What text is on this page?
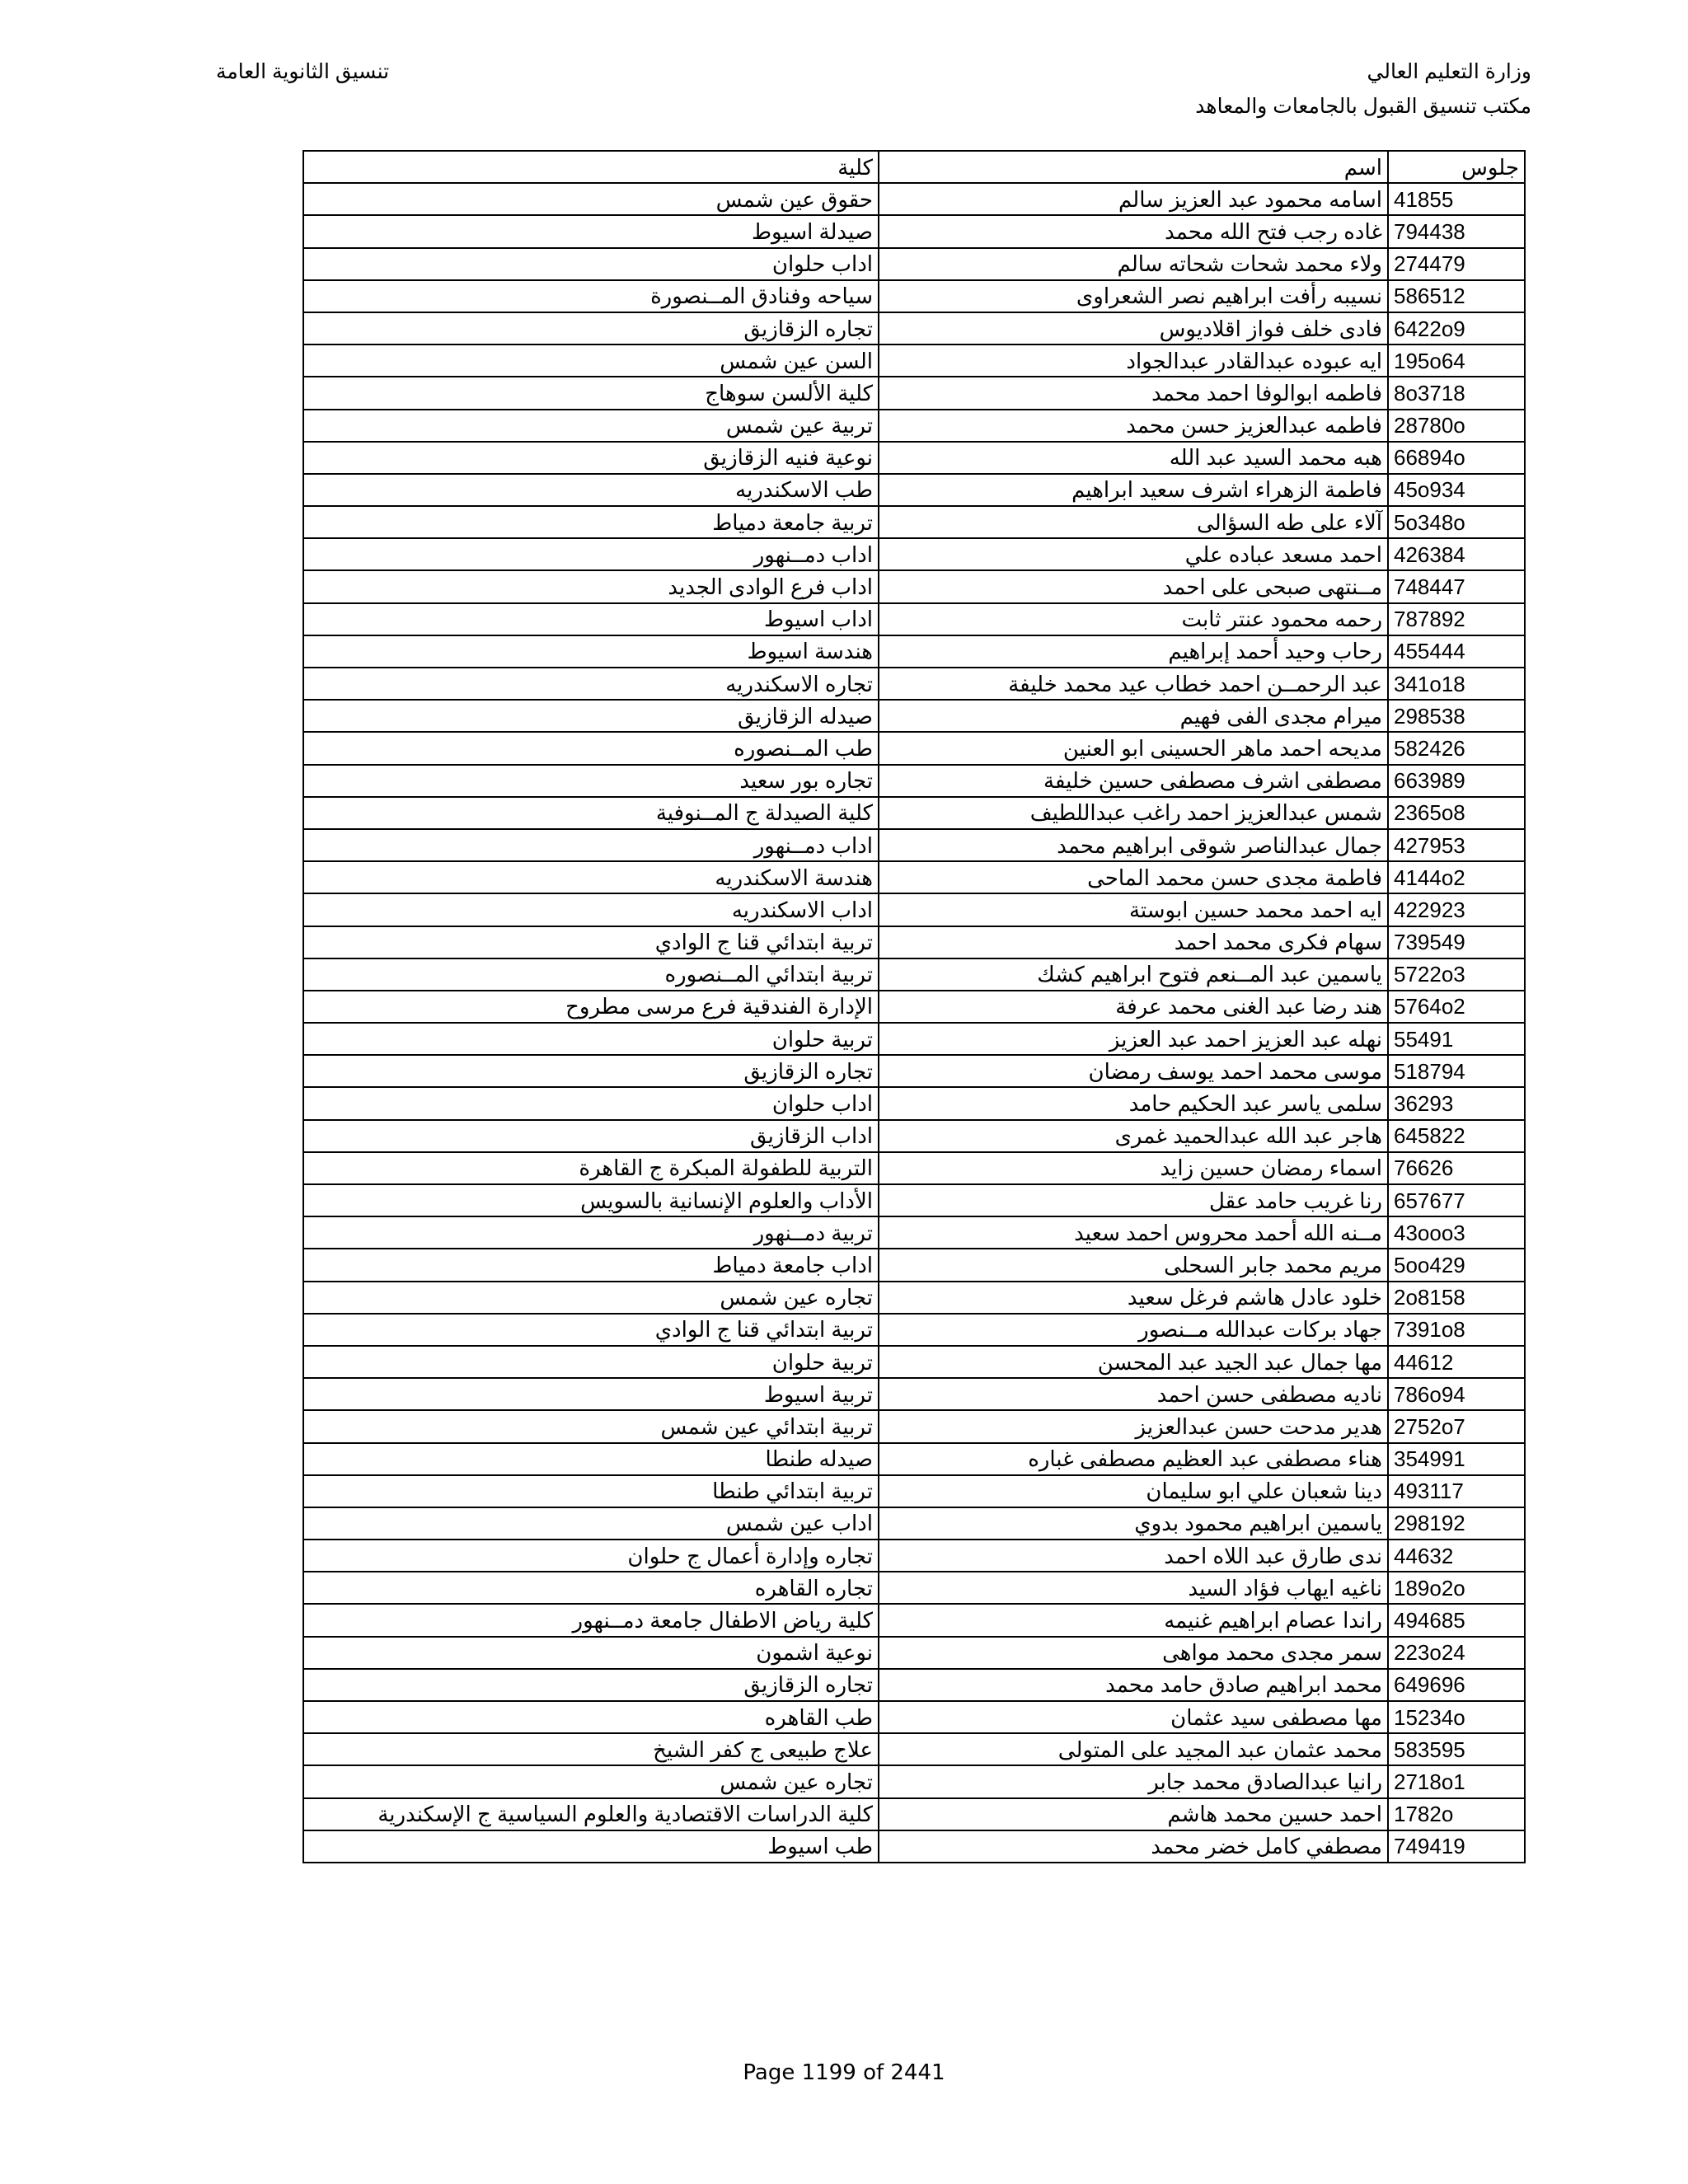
وزارة التعليم العالي
مكتب تنسيق القبول بالجامعات والمعاهد
تنسيق الثانوية العامة
جلوس	اسم	كلية
41855	اسامه محمود عبد العزيز سالم	حقوق عين شمس
794438	غاده رجب فتح الله محمد	صيدلة اسيوط
274479	ولاء محمد شحات شحاته سالم	اداب حلوان
586512	نسيبه رأفت ابراهيم نصر الشعراوى	سياحه وفنادق المــنصورة
6422o9	فادى خلف فواز اقلاديوس	تجاره الزقازيق
195o64	ايه عبوده عبدالقادر عبدالجواد	السن عين شمس
8o3718	فاطمه ابوالوفا احمد محمد	كلية الألسن سوهاج
28780o	فاطمه عبدالعزيز حسن محمد	تربية عين شمس
66894o	هبه محمد السيد عبد الله	نوعية فنيه الزقازيق
45o934	فاطمة الزهراء اشرف سعيد ابراهيم	طب الاسكندريه
5o348o	آلاء على طه السؤالى	تربية جامعة دمياط
426384	احمد مسعد عباده علي	اداب دمــنهور
748447	مــنتهى صبحى على احمد	اداب فرع الوادى الجديد
787892	رحمه محمود عنتر ثابت	اداب اسيوط
455444	رحاب وحيد أحمد إبراهيم	هندسة اسيوط
341o18	عبد الرحمــن احمد خطاب عيد محمد خليفة	تجاره الاسكندريه
298538	ميرام مجدى الفى فهيم	صيدله الزقازيق
582426	مديحه احمد ماهر الحسينى ابو العنين	طب المــنصوره
663989	مصطفى اشرف مصطفى حسين خليفة	تجاره بور سعيد
2365o8	شمس عبدالعزيز احمد راغب عبداللطيف	كلية الصيدلة ج المــنوفية
427953	جمال عبدالناصر شوقى ابراهيم محمد	اداب دمــنهور
4144o2	فاطمة مجدى حسن محمد الماحى	هندسة الاسكندريه
422923	ايه احمد محمد حسين ابوستة	اداب الاسكندريه
739549	سهام فكرى محمد احمد	تربية ابتدائي قنا ج الوادي
5722o3	ياسمين عبد المــنعم فتوح ابراهيم كشك	تربية ابتدائي المــنصوره
5764o2	هند رضا عبد الغنى محمد عرفة	الإدارة الفندقية فرع مرسى مطروح
55491	نهله عبد العزيز احمد عبد العزيز	تربية حلوان
518794	موسى محمد احمد يوسف رمضان	تجاره الزقازيق
36293	سلمى ياسر عبد الحكيم حامد	اداب حلوان
645822	هاجر عبد الله عبدالحميد غمرى	اداب الزقازيق
76626	اسماء رمضان حسين زايد	التربية للطفولة المبكرة ج القاهرة
657677	رنا غريب حامد عقل	الأداب والعلوم الإنسانية بالسويس
43ooo3	مــنه الله أحمد محروس احمد سعيد	تربية دمــنهور
5oo429	مريم محمد جابر السحلى	اداب جامعة دمياط
2o8158	خلود عادل هاشم فرغل سعيد	تجاره عين شمس
7391o8	جهاد بركات عبدالله مــنصور	تربية ابتدائي قنا ج الوادي
44612	مها جمال عبد الجيد عبد المحسن	تربية حلوان
786o94	ناديه مصطفى حسن احمد	تربية اسيوط
2752o7	هدير مدحت حسن عبدالعزيز	تربية ابتدائي عين شمس
354991	هناء مصطفى عبد العظيم مصطفى غباره	صيدله طنطا
493117	دينا شعبان علي ابو سليمان	تربية ابتدائي طنطا
298192	ياسمين ابراهيم محمود بدوي	اداب عين شمس
44632	ندى طارق عبد اللاه احمد	تجاره وإدارة أعمال ج حلوان
189o2o	ناغيه ايهاب فؤاد السيد	تجاره القاهره
494685	راندا عصام ابراهيم غنيمه	كلية رياض الاطفال جامعة دمــنهور
223o24	سمر مجدى محمد مواهى	نوعية اشمون
649696	محمد ابراهيم صادق حامد محمد	تجاره الزقازيق
15234o	مها مصطفى سيد عثمان	طب القاهره
583595	محمد عثمان عبد المجيد على المتولى	علاج طبيعى ج كفر الشيخ
2718o1	رانيا عبدالصادق محمد جابر	تجاره عين شمس
1782o	احمد حسين محمد هاشم	كلية الدراسات الاقتصادية والعلوم السياسية ج الإسكندرية
749419	مصطفي كامل خضر محمد	طب اسيوط
Page 1199 of 2441
